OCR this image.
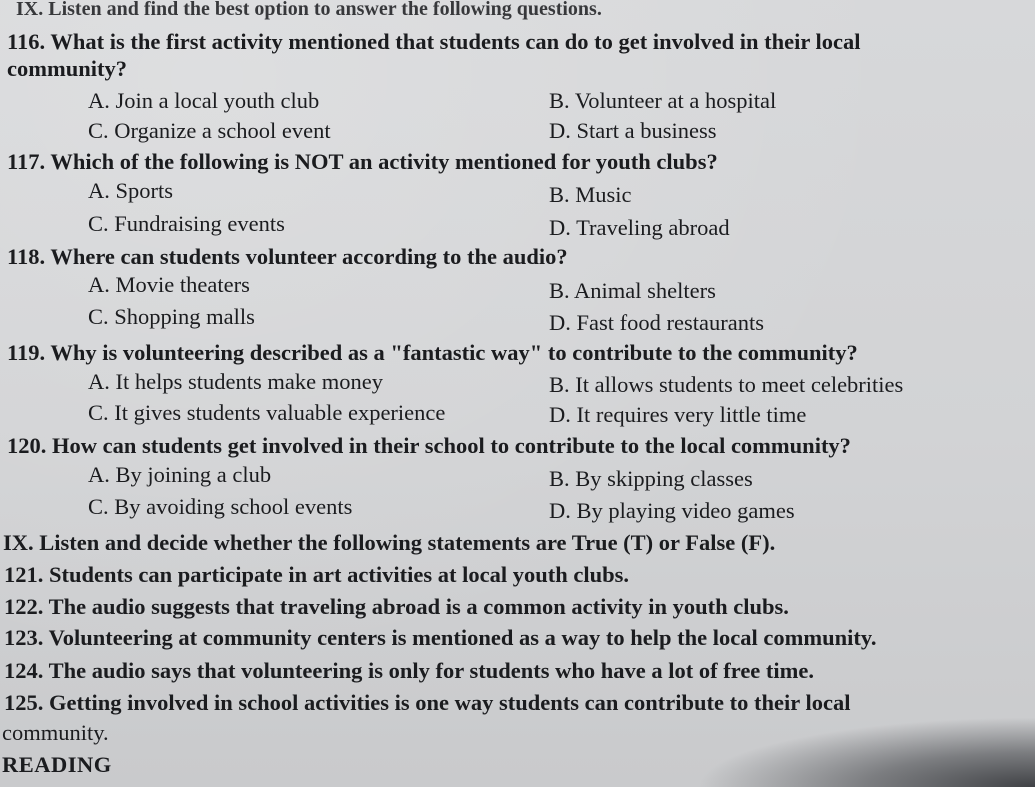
IX. Listen and find the best option to answer the following questions.
116. What is the first activity mentioned that students can do to get involved in their local
community?
A. Join a local youth club	B. Volunteer at a hospital
C. Organize a school event	D. Start a business
117. Which of the following is NOT an activity mentioned for youth clubs?
A. Sports	B. Music
C. Fundraising events	D. Traveling abroad
118. Where can students volunteer according to the audio?
A. Movie theaters	B. Animal shelters
C. Shopping malls	D. Fast food restaurants
119. Why is volunteering described as a "fantastic way" to contribute to the community?
A. It helps students make money	B. It allows students to meet celebrities
C. It gives students valuable experience	D. It requires very little time
120. How can students get involved in their school to contribute to the local community?
A. By joining a club	B. By skipping classes
C. By avoiding school events	D. By playing video games
IX. Listen and decide whether the following statements are True (T) or False (F).
121. Students can participate in art activities at local youth clubs.
122. The audio suggests that traveling abroad is a common activity in youth clubs.
123. Volunteering at community centers is mentioned as a way to help the local community.
124. The audio says that volunteering is only for students who have a lot of free time.
125. Getting involved in school activities is one way students can contribute to their local
community.
READING
